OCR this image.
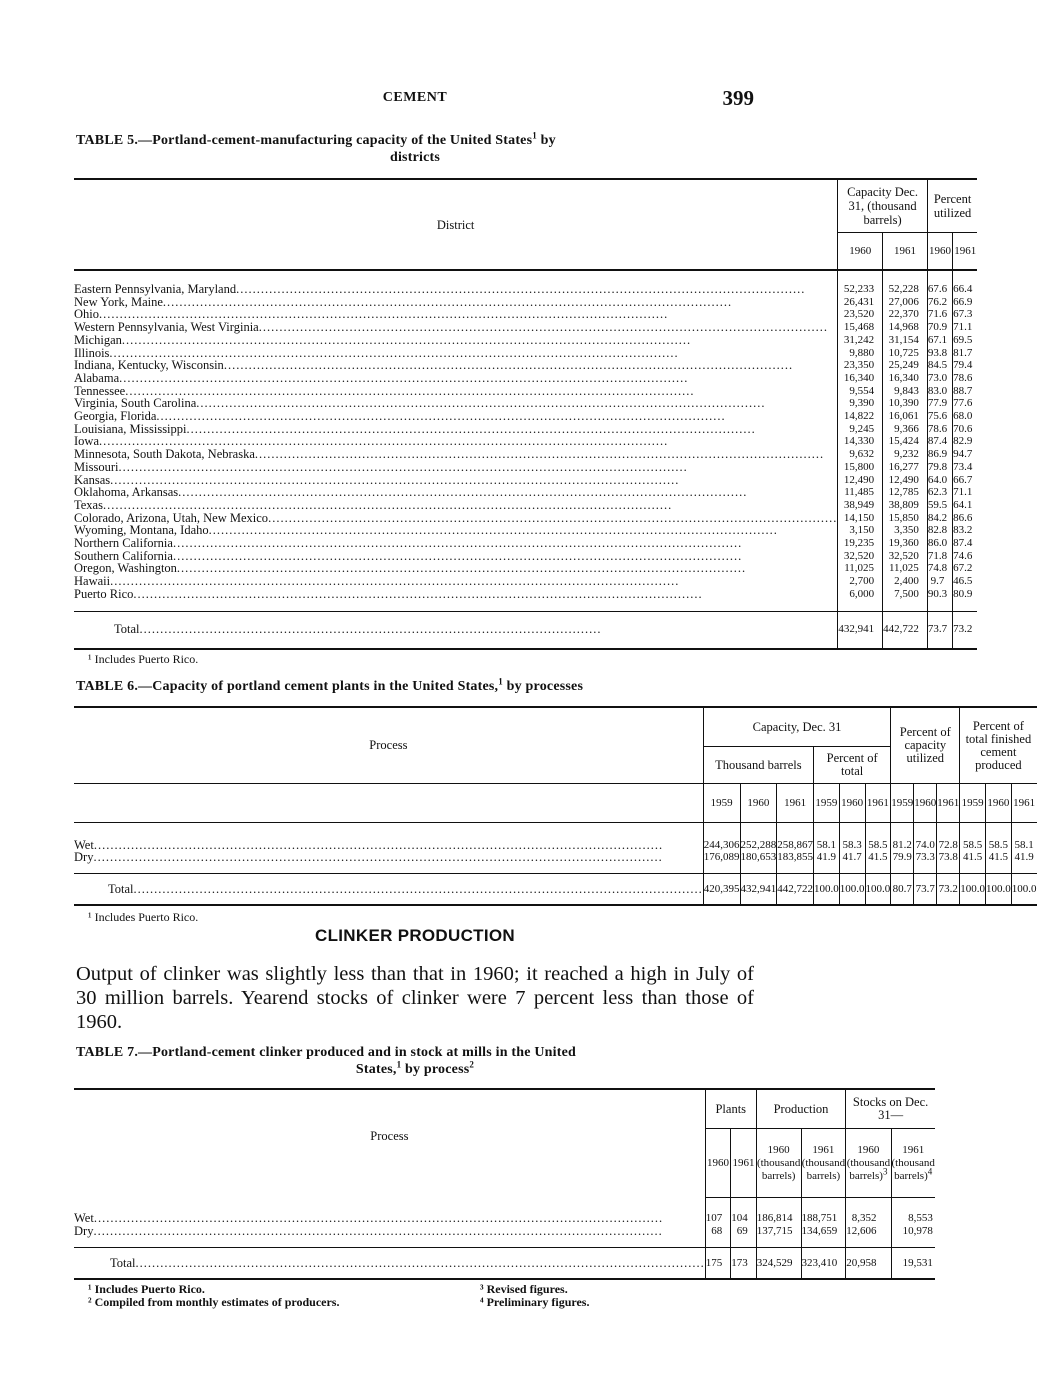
CEMENT	399
TABLE 5.—Portland-cement-manufacturing capacity of the United States$^1$ by
districts
District	Capacity Dec. 31, (thousand barrels)		Percent utilized	
	1960	1961	1960	1961

Eastern Pennsylvania, Maryland ..........................................................................................................................................	52,233	52,228	67.6	66.4

New York, Maine ..........................................................................................................................................	26,431	27,006	76.2	66.9

Ohio ..........................................................................................................................................	23,520	22,370	71.6	67.3

Western Pennsylvania, West Virginia ..........................................................................................................................................	15,468	14,968	70.9	71.1

Michigan ..........................................................................................................................................	31,242	31,154	67.1	69.5

Illinois ..........................................................................................................................................	9,880	10,725	93.8	81.7

Indiana, Kentucky, Wisconsin ..........................................................................................................................................	23,350	25,249	84.5	79.4

Alabama ..........................................................................................................................................	16,340	16,340	73.0	78.6

Tennessee ..........................................................................................................................................	9,554	9,843	83.0	88.7

Virginia, South Carolina ..........................................................................................................................................	9,390	10,390	77.9	77.6

Georgia, Florida ..........................................................................................................................................	14,822	16,061	75.6	68.0

Louisiana, Mississippi ..........................................................................................................................................	9,245	9,366	78.6	70.6

Iowa ..........................................................................................................................................	14,330	15,424	87.4	82.9

Minnesota, South Dakota, Nebraska ..........................................................................................................................................	9,632	9,232	86.9	94.7

Missouri ..........................................................................................................................................	15,800	16,277	79.8	73.4

Kansas ..........................................................................................................................................	12,490	12,490	64.0	66.7

Oklahoma, Arkansas ..........................................................................................................................................	11,485	12,785	62.3	71.1

Texas ..........................................................................................................................................	38,949	38,809	59.5	64.1

Colorado, Arizona, Utah, New Mexico ..........................................................................................................................................	14,150	15,850	84.2	86.6

Wyoming, Montana, Idaho ..........................................................................................................................................	3,150	3,350	82.8	83.2

Northern California ..........................................................................................................................................	19,235	19,360	86.0	87.4

Southern California ..........................................................................................................................................	32,520	32,520	71.8	74.6

Oregon, Washington ..........................................................................................................................................	11,025	11,025	74.8	67.2

Hawaii ..........................................................................................................................................	2,700	2,400	9.7	46.5

Puerto Rico ..........................................................................................................................................	6,000	7,500	90.3	80.9

Total ................................................................................................................	432,941	442,722	73.7	73.2
¹ Includes Puerto Rico.
TABLE 6.—Capacity of portland cement plants in the United States,$^1$ by processes
Process	Capacity, Dec. 31						Percent of capacity utilized			Percent of total finished cement produced		
	Thousand barrels			Percent of total								
	1959	1960	1961	1959	1960	1961	1959	1960	1961	1959	1960	1961

Wet ..........................................................................................................................................	244,306	252,288	258,867	58.1	58.3	58.5	81.2	74.0	72.8	58.5	58.5	58.1

Dry ..........................................................................................................................................	176,089	180,653	183,855	41.9	41.7	41.5	79.9	73.3	73.8	41.5	41.5	41.9

Total ..........................................................................................................................................	420,395	432,941	442,722	100.0	100.0	100.0	80.7	73.7	73.2	100.0	100.0	100.0
¹ Includes Puerto Rico.
CLINKER PRODUCTION
Output of clinker was slightly less than that in 1960; it reached a high in July of 30 million barrels. Yearend stocks of clinker were 7 percent less than those of 1960.
TABLE 7.—Portland-cement clinker produced and in stock at mills in the United
States,$^1$ by process$^2$
Process	Plants		Production		Stocks on Dec. 31—	
	1960	1961	1960 (thousand barrels)	1961 (thousand barrels)	1960 (thousand barrels)$^3$	1961 (thousand barrels)$^4$

Wet ..........................................................................................................................................	107	104	186,814	188,751	8,352	8,553

Dry ..........................................................................................................................................	68	69	137,715	134,659	12,606	10,978

Total ..........................................................................................................................................	175	173	324,529	323,410	20,958	19,531
¹ Includes Puerto Rico.
² Compiled from monthly estimates of producers.
³ Revised figures.
⁴ Preliminary figures.
